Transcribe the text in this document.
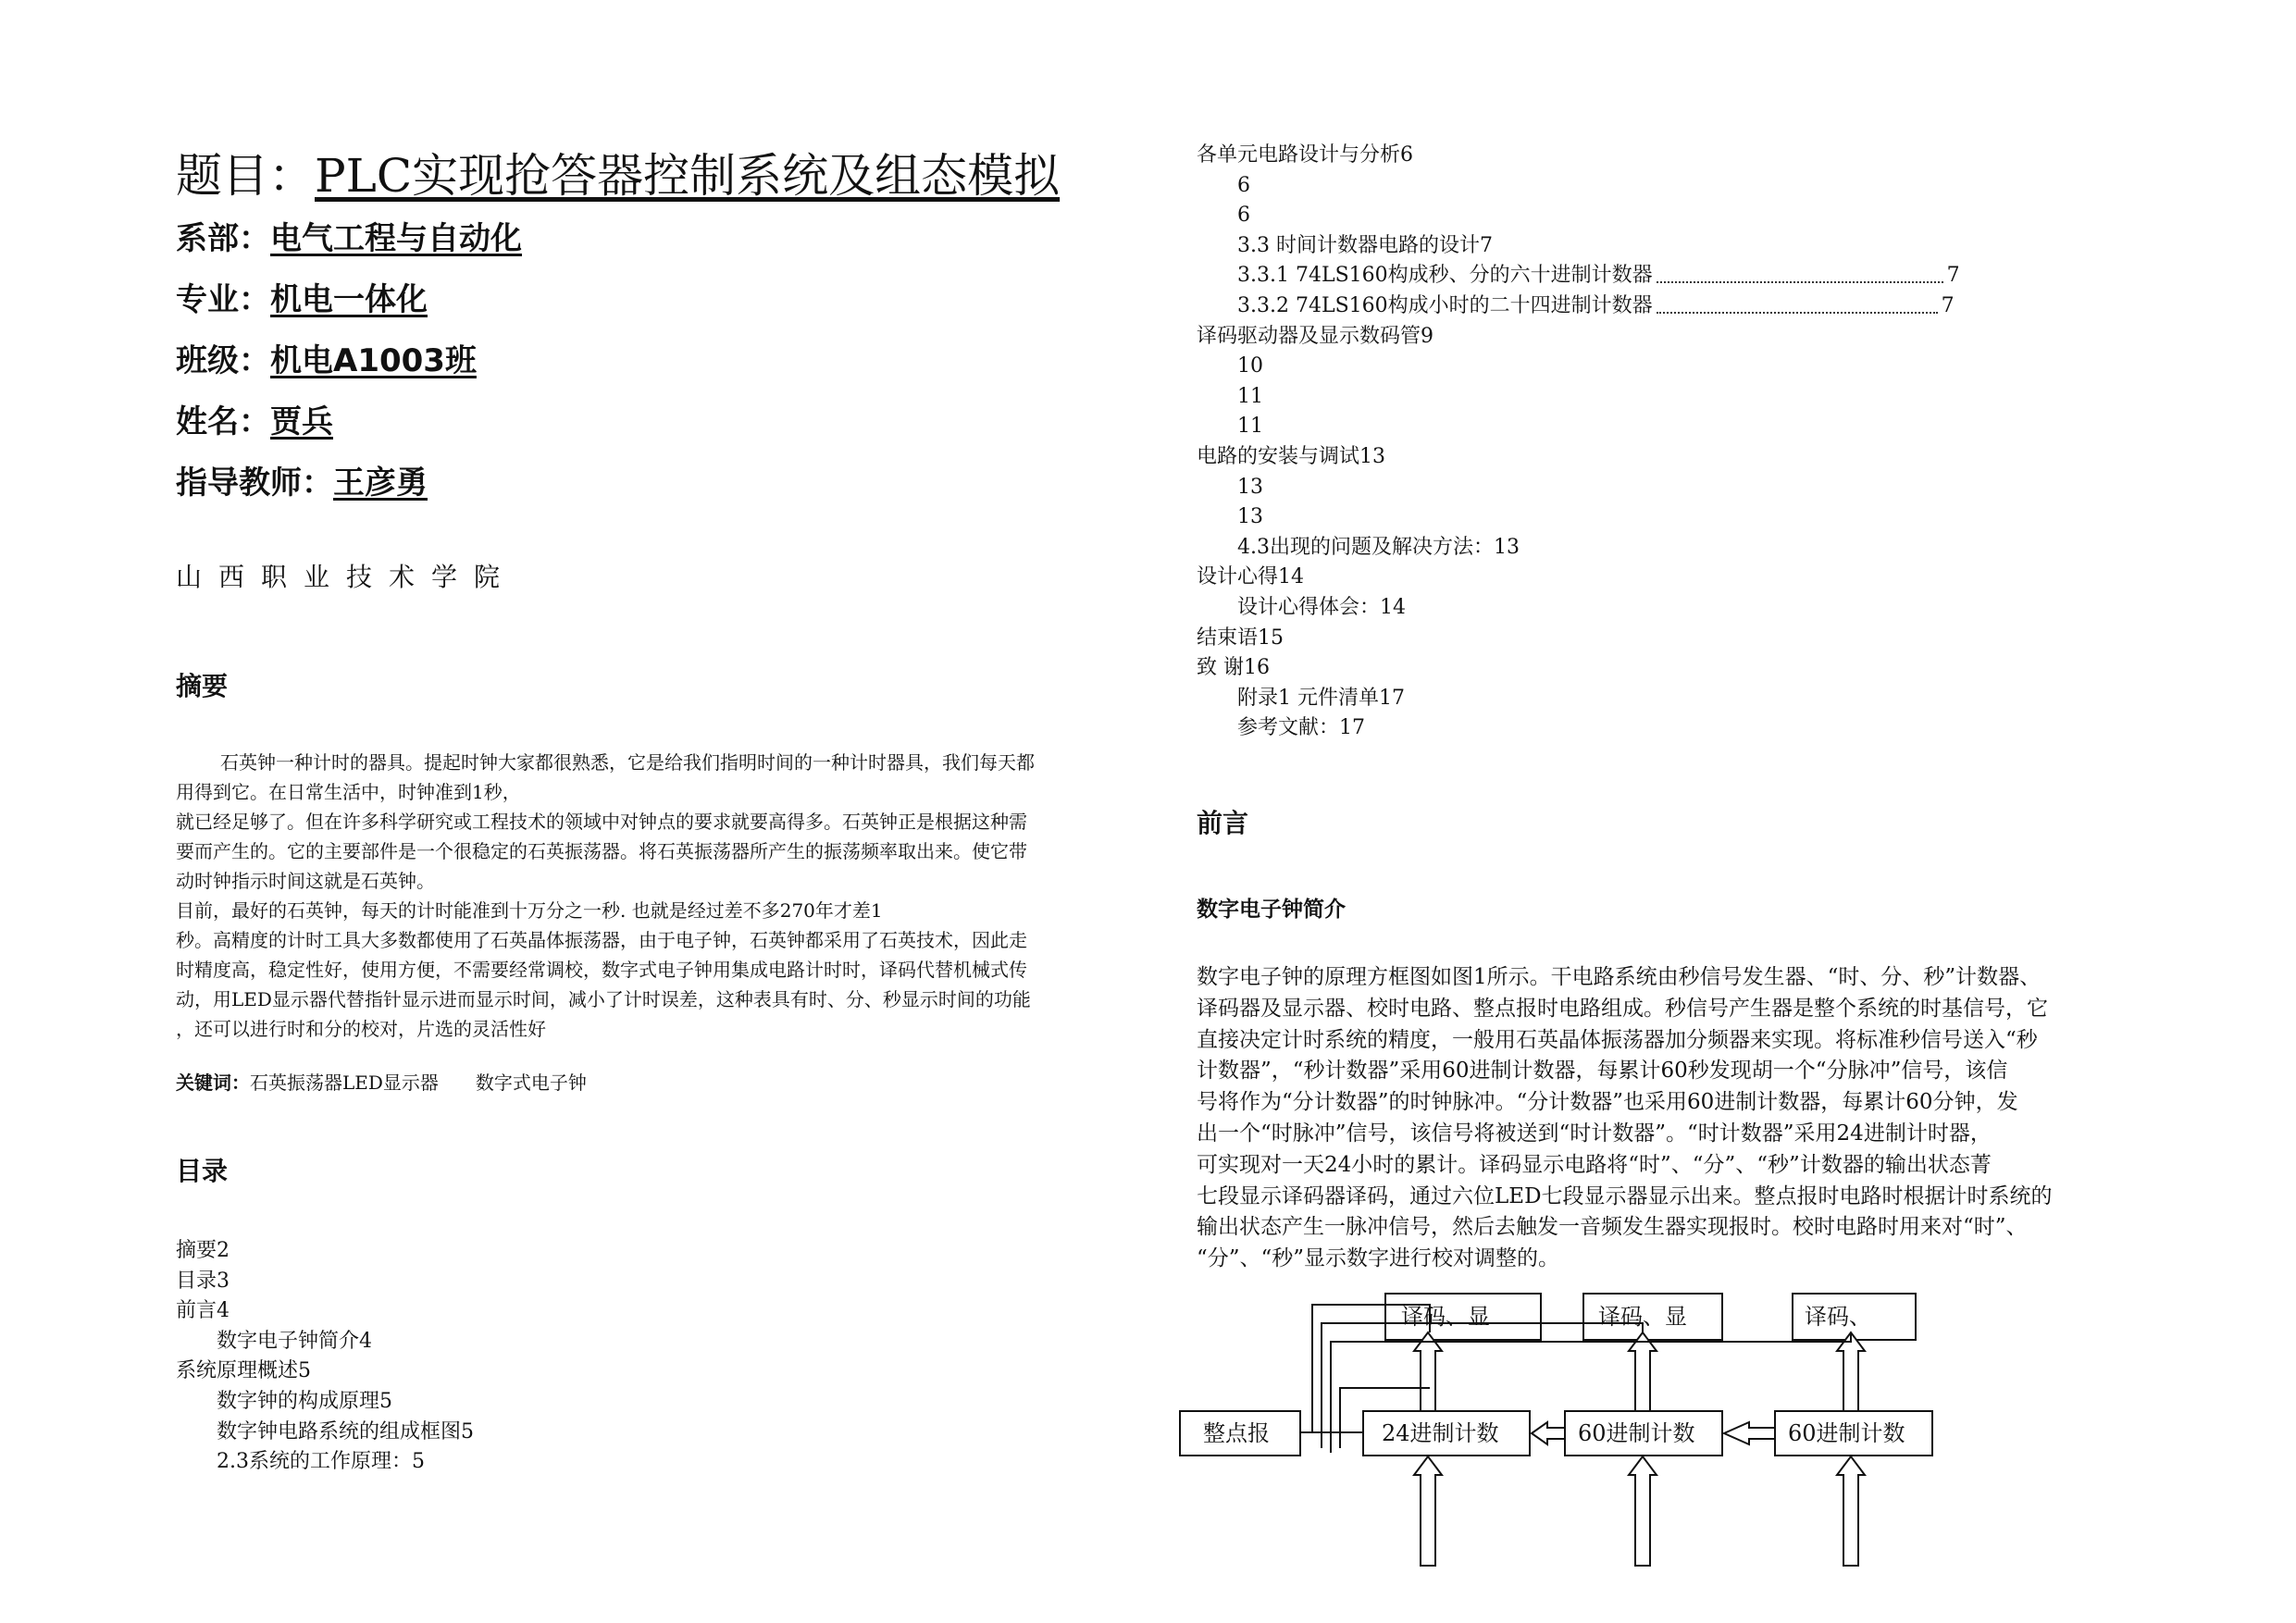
题目：PLC实现抢答器控制系统及组态模拟
系部：电气工程与自动化
专业：机电一体化
班级：机电A1003班
姓名：贾兵
指导教师：王彦勇
山西职业技术学院
摘要
石英钟一种计时的器具。提起时钟大家都很熟悉，它是给我们指明时间的一种计时器具，我们每天都
用得到它。在日常生活中，时钟准到1秒，
就已经足够了。但在许多科学研究或工程技术的领域中对钟点的要求就要高得多。石英钟正是根据这种需
要而产生的。它的主要部件是一个很稳定的石英振荡器。将石英振荡器所产生的振荡频率取出来。使它带
动时钟指示时间这就是石英钟。
目前，最好的石英钟，每天的计时能准到十万分之一秒. 也就是经过差不多270年才差1
秒。高精度的计时工具大多数都使用了石英晶体振荡器，由于电子钟，石英钟都采用了石英技术，因此走
时精度高，稳定性好，使用方便，不需要经常调校，数字式电子钟用集成电路计时时，译码代替机械式传
动，用LED显示器代替指针显示进而显示时间，减小了计时误差，这种表具有时、分、秒显示时间的功能
，还可以进行时和分的校对，片选的灵活性好
关键词：石英振荡器LED显示器　　数字式电子钟
目录
摘要2
目录3
前言4
数字电子钟简介4
系统原理概述5
数字钟的构成原理5
数字钟电路系统的组成框图5
2.3系统的工作原理：5
各单元电路设计与分析6
6
6
3.3 时间计数器电路的设计7
3.3.1 74LS160构成秒、分的六十进制计数器	7
3.3.2 74LS160构成小时的二十四进制计数器	7
译码驱动器及显示数码管9
10
11
11
电路的安装与调试13
13
13
4.3出现的问题及解决方法：13
设计心得14
设计心得体会：14
结束语15
致 谢16
附录1 元件清单17
参考文献：17
前言
数字电子钟简介
数字电子钟的原理方框图如图1所示。干电路系统由秒信号发生器、“时、分、秒”计数器、
译码器及显示器、校时电路、整点报时电路组成。秒信号产生器是整个系统的时基信号，它
直接决定计时系统的精度，一般用石英晶体振荡器加分频器来实现。将标准秒信号送入“秒
计数器”，“秒计数器”采用60进制计数器，每累计60秒发现胡一个“分脉冲”信号，该信
号将作为“分计数器”的时钟脉冲。“分计数器”也采用60进制计数器，每累计60分钟，发
出一个“时脉冲”信号，该信号将被送到“时计数器”。“时计数器”采用24进制计时器，
可实现对一天24小时的累计。译码显示电路将“时”、“分”、“秒”计数器的输出状态菁
七段显示译码器译码，通过六位LED七段显示器显示出来。整点报时电路时根据计时系统的
输出状态产生一脉冲信号，然后去触发一音频发生器实现报时。校时电路时用来对“时”、
“分”、“秒”显示数字进行校对调整的。
译码、显	译码、显	译码、
整点报	24进制计数	60进制计数	60进制计数
